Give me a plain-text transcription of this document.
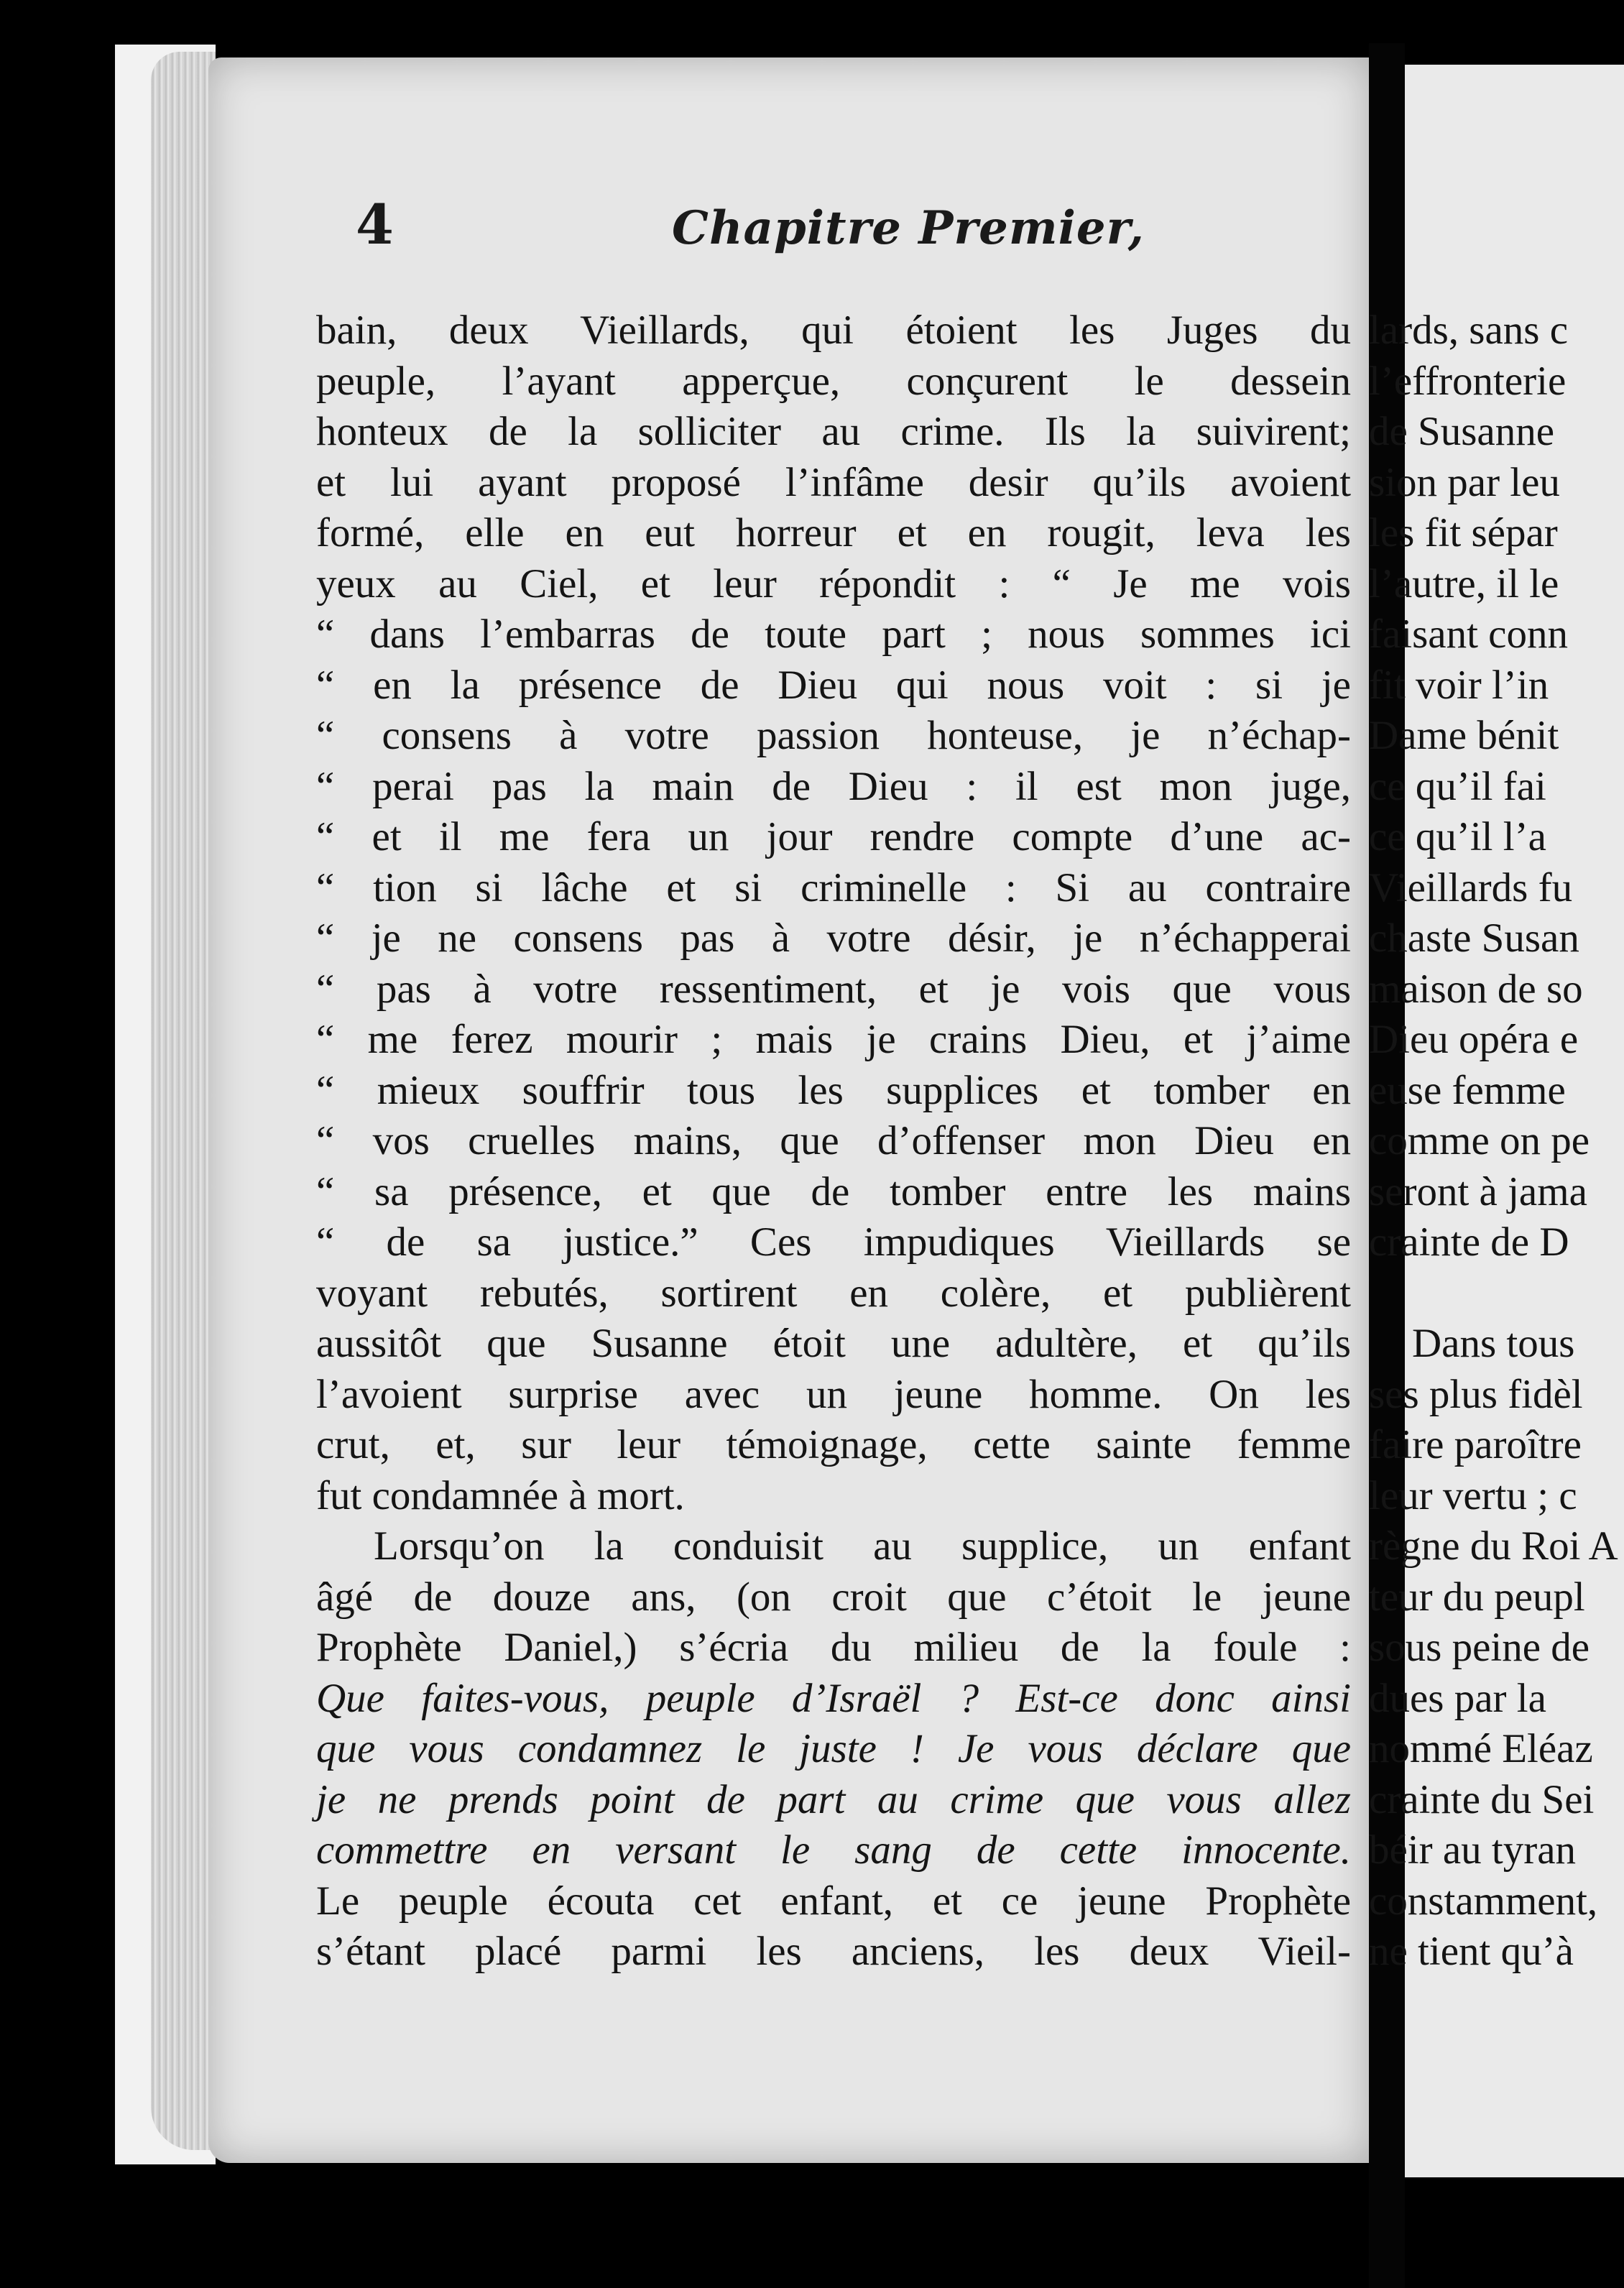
4	Chapitre Premier,
bain, deux Vieillards, qui étoient les Juges du
peuple, l’ayant apperçue, conçurent le dessein
honteux de la solliciter au crime. Ils la suivirent;
et lui ayant proposé l’infâme desir qu’ils avoient
formé, elle en eut horreur et en rougit, leva les
yeux au Ciel, et leur répondit : “ Je me vois
“ dans l’embarras de toute part ; nous sommes ici
“ en la présence de Dieu qui nous voit : si je
“ consens à votre passion honteuse, je n’échap-
“ perai pas la main de Dieu : il est mon juge,
“ et il me fera un jour rendre compte d’une ac-
“ tion si lâche et si criminelle : Si au contraire
“ je ne consens pas à votre désir, je n’échapperai
“ pas à votre ressentiment, et je vois que vous
“ me ferez mourir ; mais je crains Dieu, et j’aime
“ mieux souffrir tous les supplices et tomber en
“ vos cruelles mains, que d’offenser mon Dieu en
“ sa présence, et que de tomber entre les mains
“ de sa justice.” Ces impudiques Vieillards se
voyant rebutés, sortirent en colère, et publièrent
aussitôt que Susanne étoit une adultère, et qu’ils
l’avoient surprise avec un jeune homme. On les
crut, et, sur leur témoignage, cette sainte femme
fut condamnée à mort.
Lorsqu’on la conduisit au supplice, un enfant
âgé de douze ans, (on croit que c’étoit le jeune
Prophète Daniel,) s’écria du milieu de la foule :
Que faites-vous, peuple d’Israël ? Est-ce donc ainsi
que vous condamnez le juste ! Je vous déclare que
je ne prends point de part au crime que vous allez
commettre en versant le sang de cette innocente.
Le peuple écouta cet enfant, et ce jeune Prophète
s’étant placé parmi les anciens, les deux Vieil-
lards, sans c
l’effronterie
de Susanne
sion par leu
les fit sépar
l’autre, il le
faisant conn
fit voir l’in
Dame bénit
ce qu’il fai
ce qu’il l’a
Vieillards fu
chaste Susan
maison de so
Dieu opéra e
euse femme
comme on pe
seront à jama
crainte de D
Dans tous
ses plus fidèl
faire paroître
leur vertu ; c
règne du Roi A
teur du peupl
sous peine de
dues par la
nommé Eléaz
crainte du Sei
béir au tyran
constamment,
ne tient qu’à
